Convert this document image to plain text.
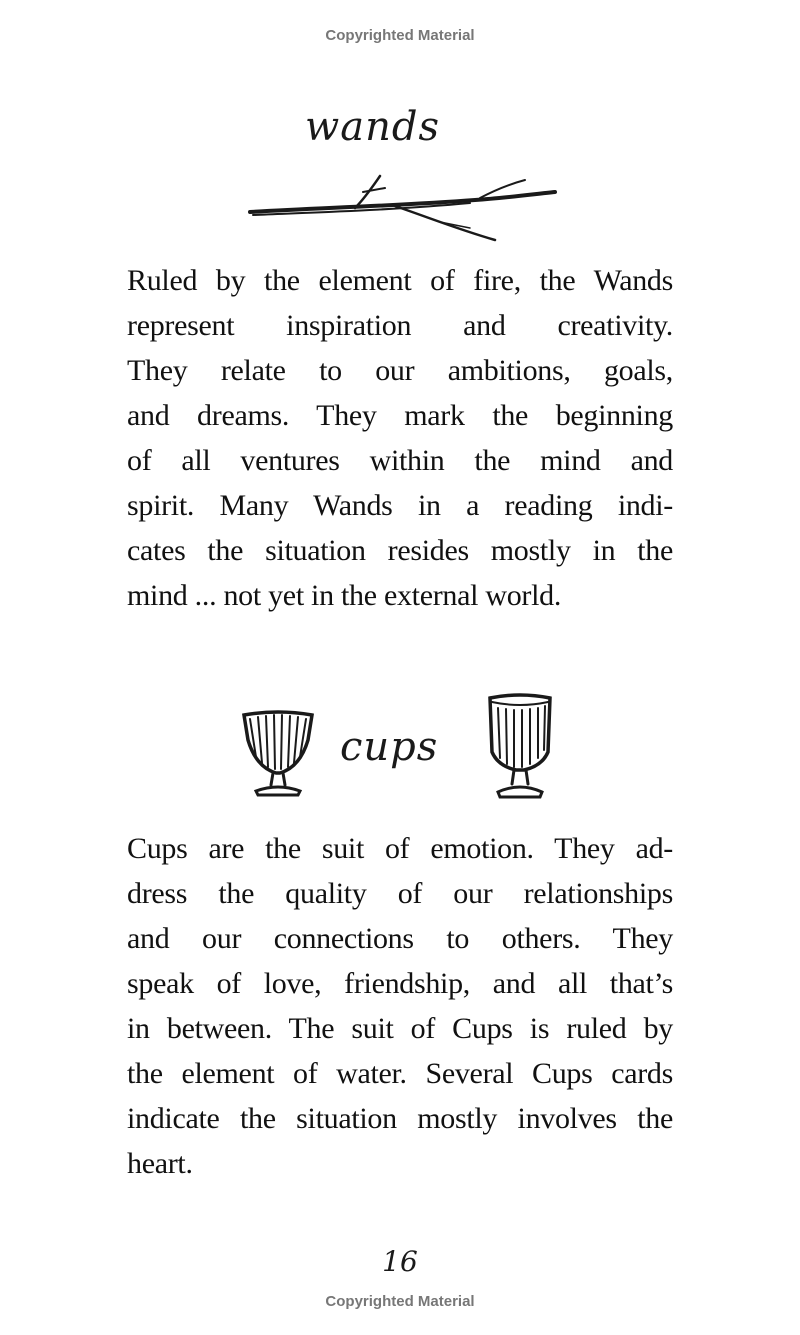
Copyrighted Material
wands

Ruled by the element of fire, the Wands
represent inspiration and creativity.
They relate to our ambitions, goals,
and dreams. They mark the beginning
of all ventures within the mind and
spirit. Many Wands in a reading indi-
cates the situation resides mostly in the
mind ... not yet in the external world.

cups

Cups are the suit of emotion. They ad-
dress the quality of our relationships
and our connections to others. They
speak of love, friendship, and all that’s
in between. The suit of Cups is ruled by
the element of water. Several Cups cards
indicate the situation mostly involves the
heart.

16
Copyrighted Material
